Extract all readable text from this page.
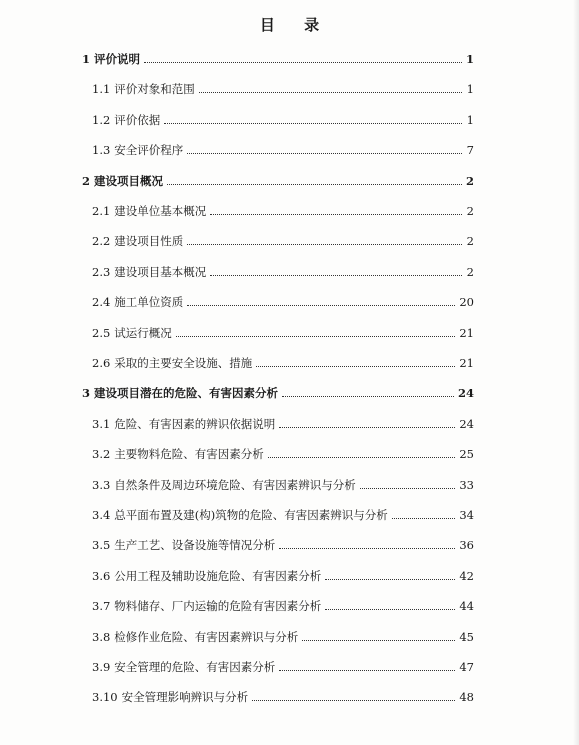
目 录
1 评价说明	1
1.1 评价对象和范围	1
1.2 评价依据	1
1.3 安全评价程序	7
2 建设项目概况	2
2.1 建设单位基本概况	2
2.2 建设项目性质	2
2.3 建设项目基本概况	2
2.4 施工单位资质	20
2.5 试运行概况	21
2.6 采取的主要安全设施、措施	21
3 建设项目潜在的危险、有害因素分析	24
3.1 危险、有害因素的辨识依据说明	24
3.2 主要物料危险、有害因素分析	25
3.3 自然条件及周边环境危险、有害因素辨识与分析	33
3.4 总平面布置及建(构)筑物的危险、有害因素辨识与分析	34
3.5 生产工艺、设备设施等情况分析	36
3.6 公用工程及辅助设施危险、有害因素分析	42
3.7 物料储存、厂内运输的危险有害因素分析	44
3.8 检修作业危险、有害因素辨识与分析	45
3.9 安全管理的危险、有害因素分析	47
3.10 安全管理影响辨识与分析	48
